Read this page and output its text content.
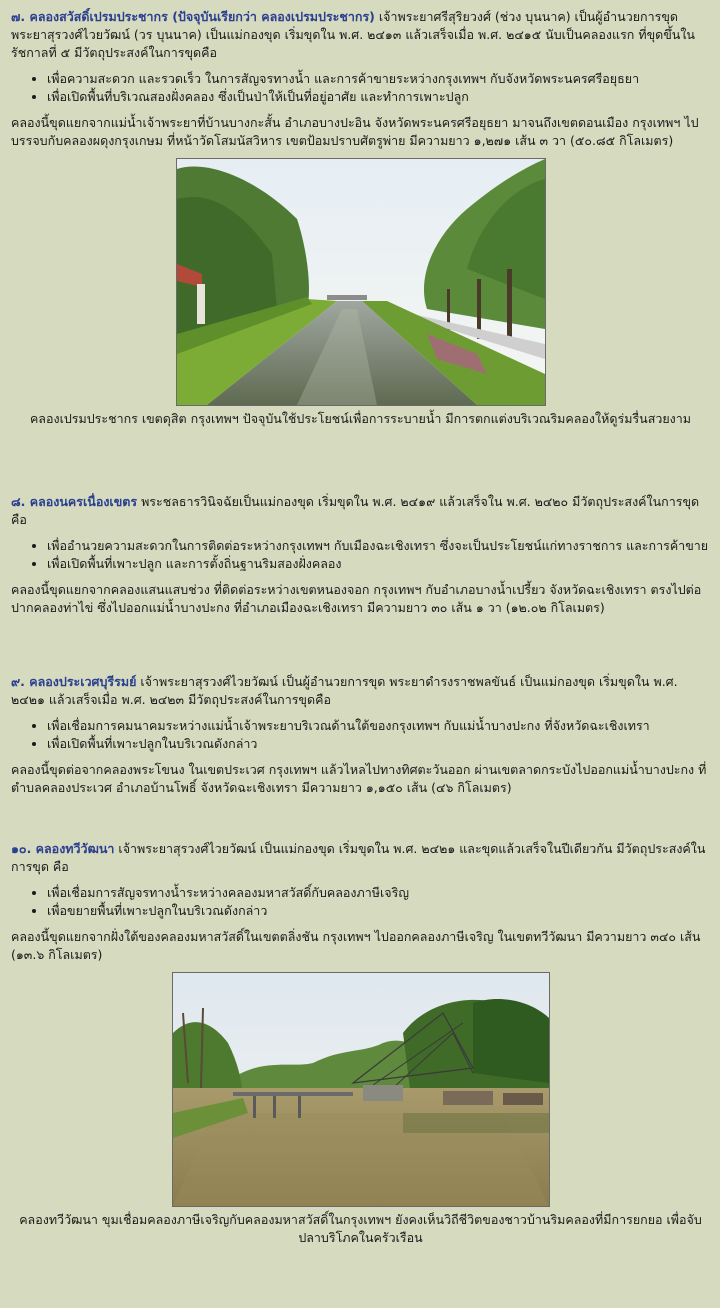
๗. คลองสวัสดิ์เปรมประชากร (ปัจจุบันเรียกว่า คลองเปรมประชากร) เจ้าพระยาศรีสุริยวงศ์ (ช่วง บุนนาค) เป็นผู้อำนวยการขุด พระยาสุรวงศ์ไวยวัฒน์ (วร บุนนาค) เป็นแม่กองขุด เริ่มขุดใน พ.ศ. ๒๔๑๓ แล้วเสร็จเมื่อ พ.ศ. ๒๔๑๕ นับเป็นคลองแรก ที่ขุดขึ้นในรัชกาลที่ ๕ มีวัตถุประสงค์ในการขุดคือ

• เพื่อความสะดวก และรวดเร็ว ในการสัญจรทางน้ำ และการค้าขายระหว่างกรุงเทพฯ กับจังหวัดพระนครศรีอยุธยา
• เพื่อเปิดพื้นที่บริเวณสองฝั่งคลอง ซึ่งเป็นป่าให้เป็นที่อยู่อาศัย และทำการเพาะปลูก

คลองนี้ขุดแยกจากแม่น้ำเจ้าพระยาที่บ้านบางกะสั้น อำเภอบางปะอิน จังหวัดพระนครศรีอยุธยา มาจนถึงเขตดอนเมือง กรุงเทพฯ ไปบรรจบกับคลองผดุงกรุงเกษม ที่หน้าวัดโสมนัสวิหาร เขตป้อมปราบศัตรูพ่าย มีความยาว ๑,๒๗๑ เส้น ๓ วา (๕๐.๘๕ กิโลเมตร)

คลองเปรมประชากร เขตดุสิต กรุงเทพฯ ปัจจุบันใช้ประโยชน์เพื่อการระบายน้ำ มีการตกแต่งบริเวณริมคลองให้ดูร่มรื่นสวยงาม

๘. คลองนครเนื่องเขตร พระชลธารวินิจฉัยเป็นแม่กองขุด เริ่มขุดใน พ.ศ. ๒๔๑๙ แล้วเสร็จใน พ.ศ. ๒๔๒๐ มีวัตถุประสงค์ในการขุดคือ

• เพื่ออำนวยความสะดวกในการติดต่อระหว่างกรุงเทพฯ กับเมืองฉะเชิงเทรา ซึ่งจะเป็นประโยชน์แก่ทางราชการ และการค้าขาย
• เพื่อเปิดพื้นที่เพาะปลูก และการตั้งถิ่นฐานริมสองฝั่งคลอง

คลองนี้ขุดแยกจากคลองแสนแสบช่วง ที่ติดต่อระหว่างเขตหนองจอก กรุงเทพฯ กับอำเภอบางน้ำเปรี้ยว จังหวัดฉะเชิงเทรา ตรงไปต่อปากคลองท่าไข่ ซึ่งไปออกแม่น้ำบางปะกง ที่อำเภอเมืองฉะเชิงเทรา มีความยาว ๓๐ เส้น ๑ วา (๑๒.๐๒ กิโลเมตร)

๙. คลองประเวศบุรีรมย์ เจ้าพระยาสุรวงศ์ไวยวัฒน์ เป็นผู้อำนวยการขุด พระยาดำรงราชพลขันธ์ เป็นแม่กองขุด เริ่มขุดใน พ.ศ. ๒๔๒๑ แล้วเสร็จเมื่อ พ.ศ. ๒๔๒๓ มีวัตถุประสงค์ในการขุดคือ

• เพื่อเชื่อมการคมนาคมระหว่างแม่น้ำเจ้าพระยาบริเวณด้านใต้ของกรุงเทพฯ กับแม่น้ำบางปะกง ที่จังหวัดฉะเชิงเทรา
• เพื่อเปิดพื้นที่เพาะปลูกในบริเวณดังกล่าว

คลองนี้ขุดต่อจากคลองพระโขนง ในเขตประเวศ กรุงเทพฯ แล้วไหลไปทางทิศตะวันออก ผ่านเขตลาดกระบังไปออกแม่น้ำบางปะกง ที่ตำบลคลองประเวศ อำเภอบ้านโพธิ์ จังหวัดฉะเชิงเทรา มีความยาว ๑,๑๕๐ เส้น (๔๖ กิโลเมตร)

๑๐. คลองทวีวัฒนา เจ้าพระยาสุรวงศ์ไวยวัฒน์ เป็นแม่กองขุด เริ่มขุดใน พ.ศ. ๒๔๒๑ และขุดแล้วเสร็จในปีเดียวกัน มีวัตถุประสงค์ในการขุด คือ

• เพื่อเชื่อมการสัญจรทางน้ำระหว่างคลองมหาสวัสดิ์กับคลองภาษีเจริญ
• เพื่อขยายพื้นที่เพาะปลูกในบริเวณดังกล่าว

คลองนี้ขุดแยกจากฝั่งใต้ของคลองมหาสวัสดิ์ในเขตตลิ่งชัน กรุงเทพฯ ไปออกคลองภาษีเจริญ ในเขตทวีวัฒนา มีความยาว ๓๔๐ เส้น (๑๓.๖ กิโลเมตร)

คลองทวีวัฒนา ขุมเชื่อมคลองภาษีเจริญกับคลองมหาสวัสดิ์ในกรุงเทพฯ ยังคงเห็นวิถีชีวิตของชาวบ้านริมคลองที่มีการยกยอ เพื่อจับปลาบริโภคในครัวเรือน
